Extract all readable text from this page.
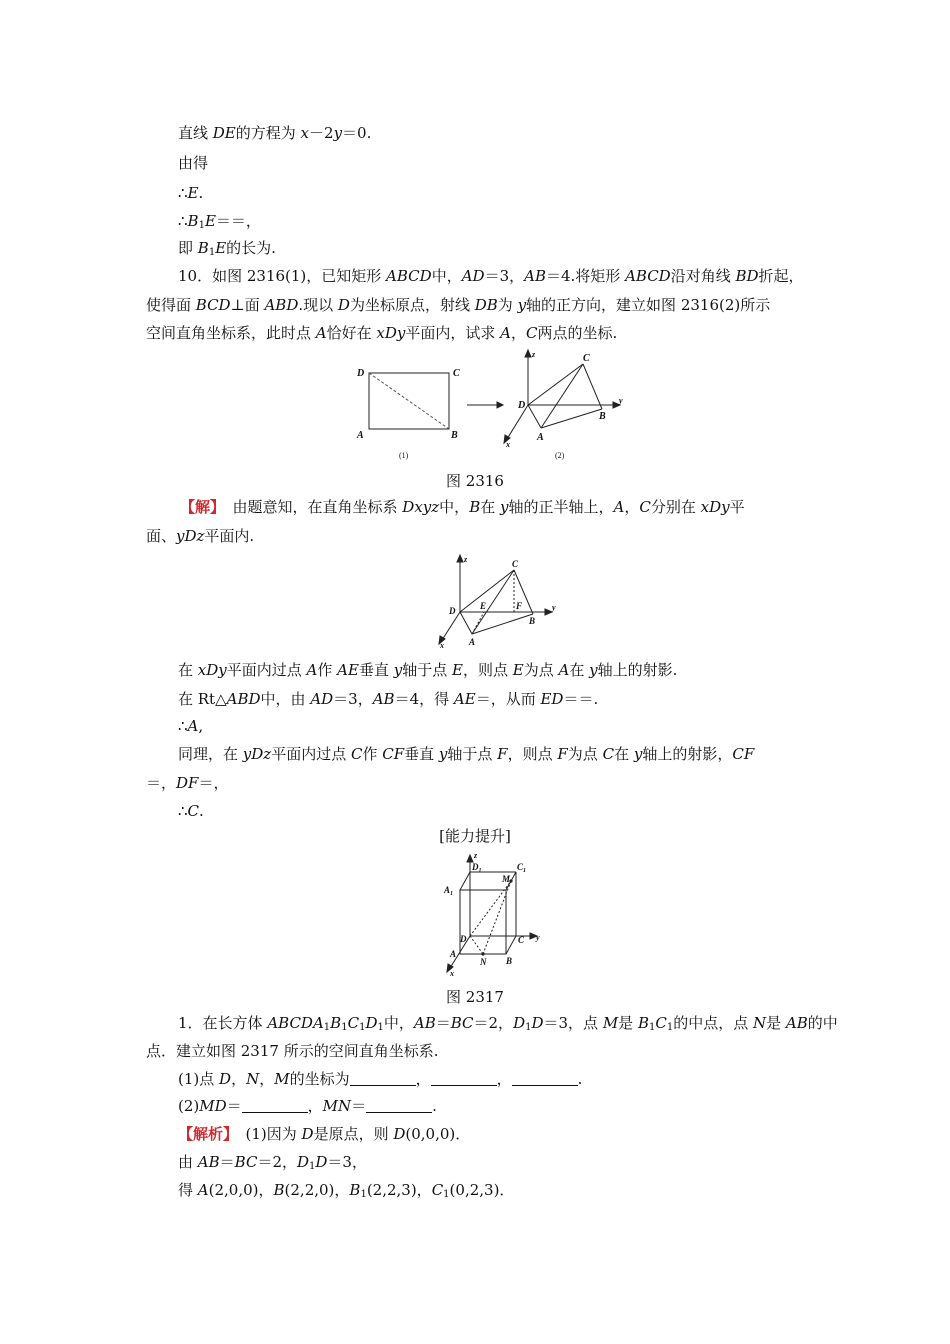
直线 DE的方程为 x－2y＝0.
由得
∴E.
$\therefore B_1E==$，
即 $B_1E$的长为.
10．如图 2316(1)，已知矩形 ABCD中，AD＝3，AB＝4.将矩形 ABCD沿对角线 BD折起，
使得面 BCD⊥面 ABD.现以 D为坐标原点，射线 DB为 y轴的正方向，建立如图 2316(2)所示
空间直角坐标系，此时点 A恰好在 xDy平面内，试求 A，C两点的坐标.
D	C
A	B
D
C
A
B
z
y
x
(1)	(2)
图 2316
【解】　由题意知，在直角坐标系 Dxyz中，B在 y轴的正半轴上，A，C分别在 xDy平
面、yDz平面内.
D
C
A
B
E	F
z
y
x
在 xDy平面内过点 A作 AE垂直 y轴于点 E，则点 E为点 A在 y轴上的射影.
在 Rt△ABD中，由 AD＝3，AB＝4，得 AE＝，从而 ED＝＝.
∴A,
同理，在 yDz平面内过点 C作 CF垂直 y轴于点 F，则点 F为点 C在 y轴上的射影，CF
＝，DF＝，
∴C.
[能力提升]
z
$D_1$	$C_1$
$A_1$
M
D	C y
A
N B
x
图 2317
1．在长方体 $ABCDA_1B_1C_1D_1$中，AB＝BC＝2，$D_1D=3$，点 M是 $B_1C_1$的中点，点 N是 AB的中
点．建立如图 2317 所示的空间直角坐标系.
(1)点 D，N，M的坐标为	，	，	.
(2)MD＝	，MN＝	.
【解析】　(1)因为 D是原点，则 D(0,0,0)．
由 AB＝BC＝2，$D_1D=3$，
得 A(2,0,0)，B(2,2,0)，$B_1(2,2,3)$，$C_1(0,2,3)$．
